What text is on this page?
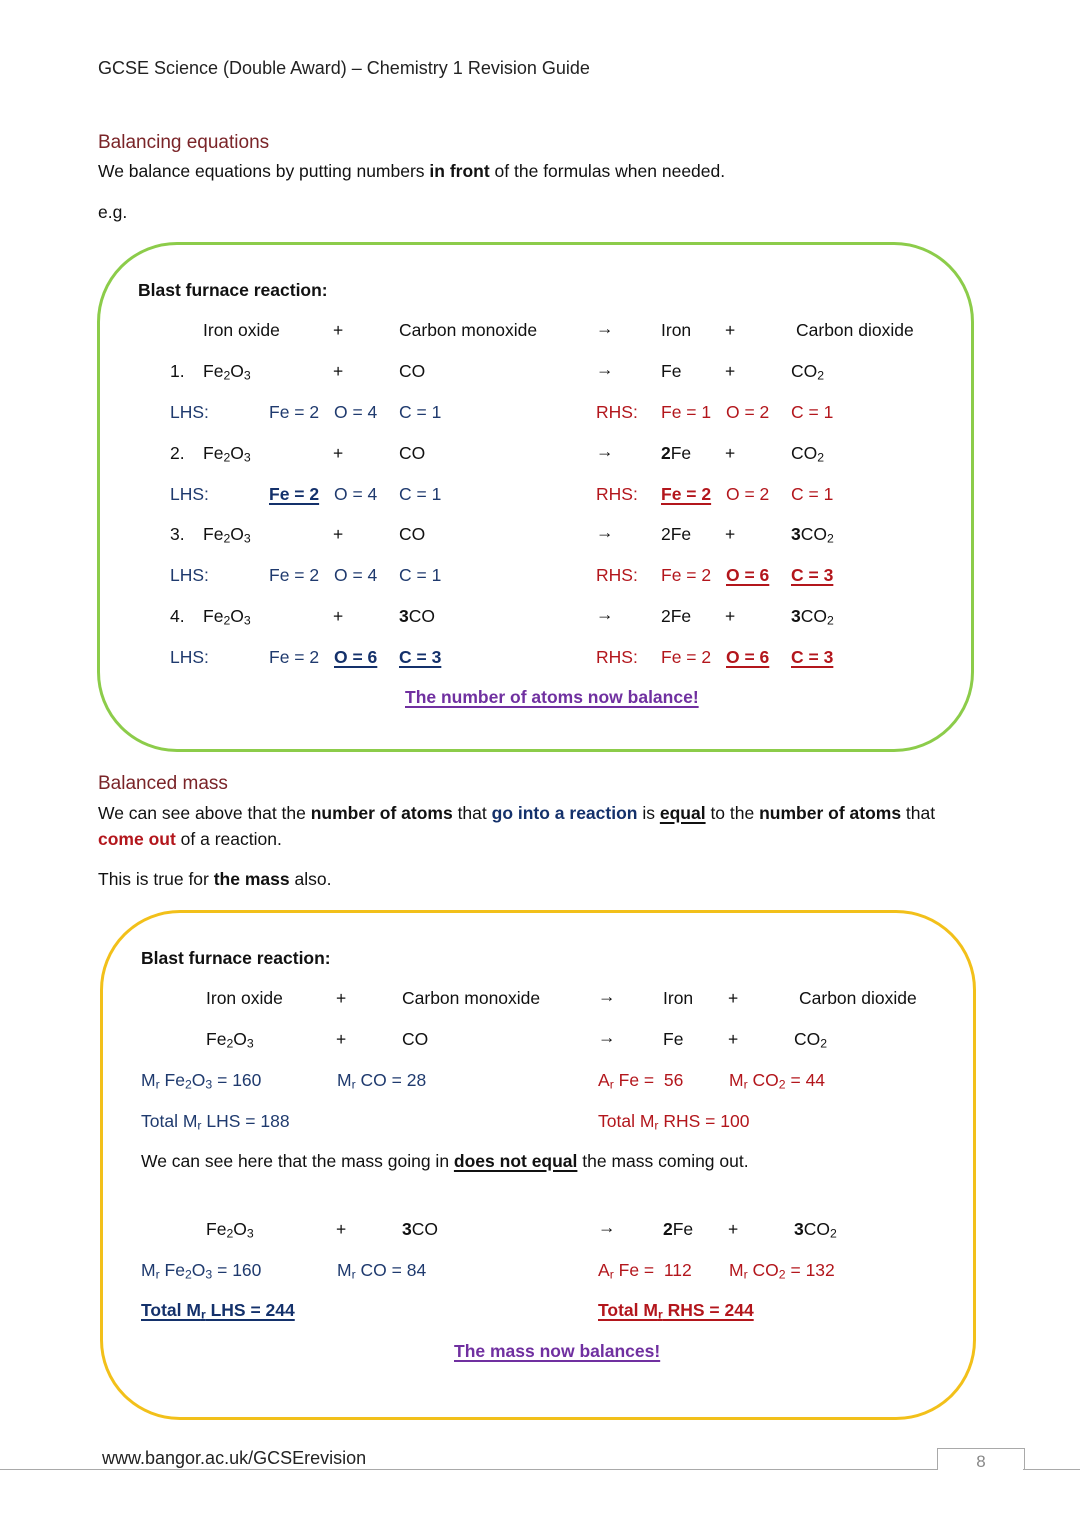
GCSE Science (Double Award) – Chemistry 1 Revision Guide
Balancing equations
We balance equations by putting numbers in front of the formulas when needed.
e.g.
Blast furnace reaction:
Iron oxide	+	Carbon monoxide	→	Iron +	Carbon dioxide
1. $Fe_2O_3$	+	CO	→	Fe +	$CO_2$
LHS:	Fe = 2 O = 4 C = 1	RHS: Fe = 1 O = 2 C = 1
2. $Fe_2O_3$	+	CO	→	2Fe +	$CO_2$
LHS:	Fe = 2 O = 4 C = 1	RHS: Fe = 2 O = 2 C = 1
3. $Fe_2O_3$	+	CO	→	2Fe +	$3CO_2$
LHS:	Fe = 2 O = 4 C = 1	RHS: Fe = 2 O = 6 C = 3
4. $Fe_2O_3$	+	3CO	→	2Fe +	$3CO_2$
LHS:	Fe = 2 O = 6 C = 3	RHS: Fe = 2 O = 6 C = 3
The number of atoms now balance!
Balanced mass
We can see above that the number of atoms that go into a reaction is equal to the number of atoms that
come out of a reaction.
This is true for the mass also.
Blast furnace reaction:
Iron oxide	+	Carbon monoxide	→	Iron +	Carbon dioxide
$Fe_2O_3$	+	CO	→	Fe	+	$CO_2$
$M_r$ $Fe_2O_3 = 160$	$M_r$ CO = 28	$A_r$ Fe =  56	$M_r$ $CO_2 = 44$
Total $M_r$ LHS = 188	Total $M_r$ RHS = 100
We can see here that the mass going in does not equal the mass coming out.
$Fe_2O_3$	+	3CO	→	2Fe +	$3CO_2$
$M_r$ $Fe_2O_3 = 160$	$M_r$ CO = 84	$A_r$ Fe =  112 $M_r$ $CO_2 = 132$
Total $M_r$ LHS = 244	Total $M_r$ RHS = 244
The mass now balances!
www.bangor.ac.uk/GCSErevision	8
